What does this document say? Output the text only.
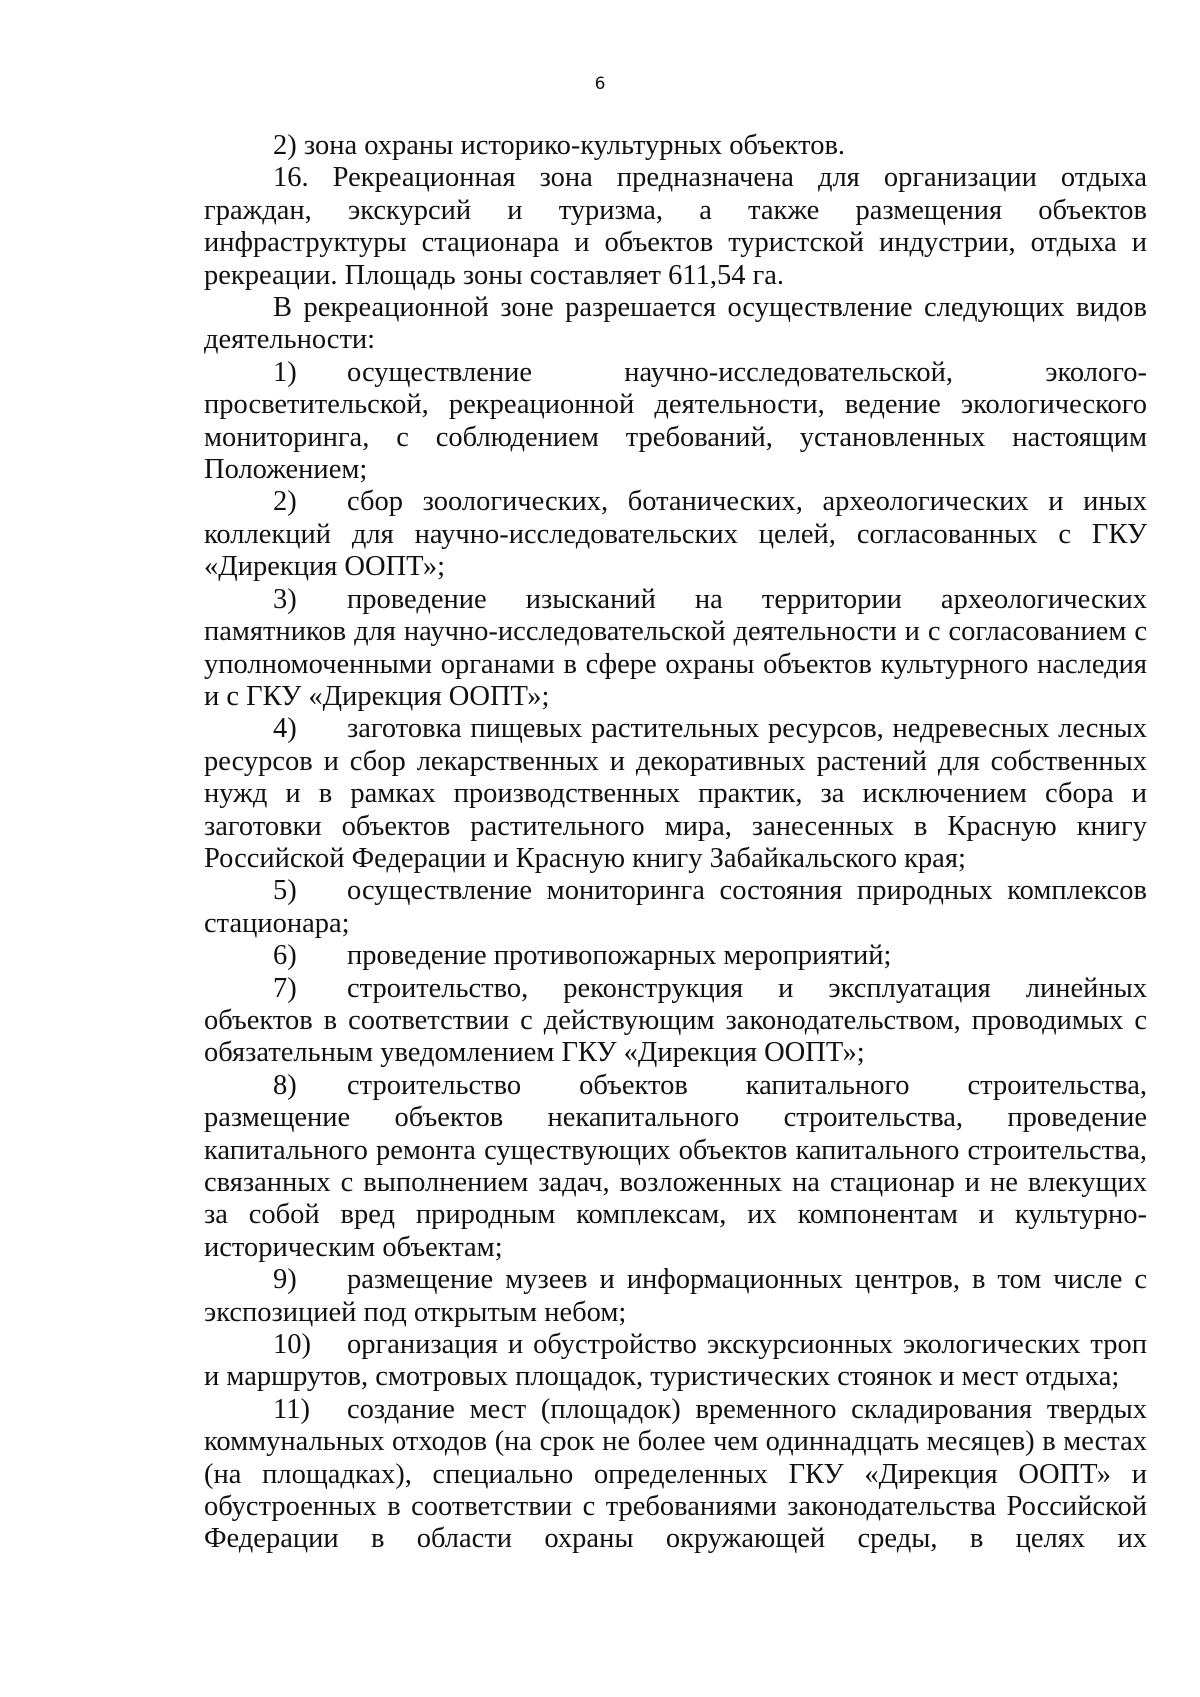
6

2) зона охраны историко-культурных объектов.

16. Рекреационная зона предназначена для организации отдыха граждан, экскурсий и туризма, а также размещения объектов инфраструктуры стационара и объектов туристской индустрии, отдыха и рекреации. Площадь зоны составляет 611,54 га.

В рекреационной зоне разрешается осуществление следующих видов деятельности:

1) осуществление научно-исследовательской, эколого-просветительской, рекреационной деятельности, ведение экологического мониторинга, с соблюдением требований, установленных настоящим Положением;

2) сбор зоологических, ботанических, археологических и иных коллекций для научно-исследовательских целей, согласованных с ГКУ «Дирекция ООПТ»;

3) проведение изысканий на территории археологических памятников для научно-исследовательской деятельности и с согласованием с уполномоченными органами в сфере охраны объектов культурного наследия и с ГКУ «Дирекция ООПТ»;

4) заготовка пищевых растительных ресурсов, недревесных лесных ресурсов и сбор лекарственных и декоративных растений для собственных нужд и в рамках производственных практик, за исключением сбора и заготовки объектов растительного мира, занесенных в Красную книгу Российской Федерации и Красную книгу Забайкальского края;

5) осуществление мониторинга состояния природных комплексов стационара;

6) проведение противопожарных мероприятий;

7) строительство, реконструкция и эксплуатация линейных объектов в соответствии с действующим законодательством, проводимых с обязательным уведомлением ГКУ «Дирекция ООПТ»;

8) строительство объектов капитального строительства, размещение объектов некапитального строительства, проведение капитального ремонта существующих объектов капитального строительства, связанных с выполнением задач, возложенных на стационар и не влекущих за собой вред природным комплексам, их компонентам и культурно-историческим объектам;

9) размещение музеев и информационных центров, в том числе с экспозицией под открытым небом;

10) организация и обустройство экскурсионных экологических троп и маршрутов, смотровых площадок, туристических стоянок и мест отдыха;

11) создание мест (площадок) временного складирования твердых коммунальных отходов (на срок не более чем одиннадцать месяцев) в местах (на площадках), специально определенных ГКУ «Дирекция ООПТ» и обустроенных в соответствии с требованиями законодательства Российской Федерации в области охраны окружающей среды, в целях их
